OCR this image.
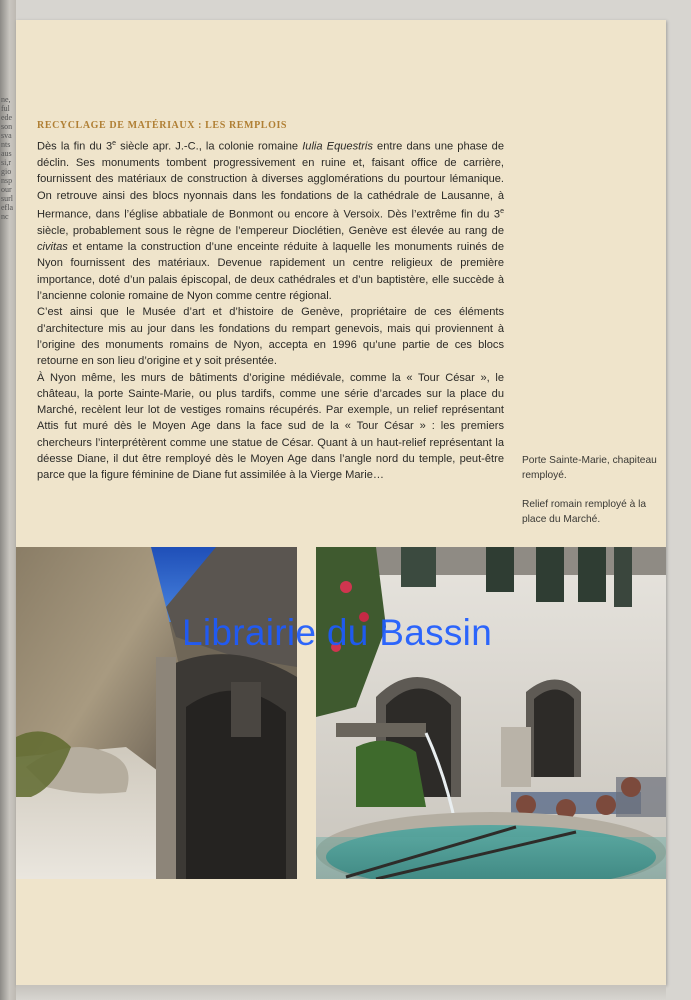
ne,fuledesonsvantsaussi,rgionspoursurleflanc
RECYCLAGE DE MATÉRIAUX : LES REMPLOIS

Dès la fin du 3e siècle apr. J.-C., la colonie romaine Iulia Equestris entre dans une phase de déclin. Ses monuments tombent progressivement en ruine et, faisant office de carrière, fournissent des matériaux de construction à diverses agglomérations du pourtour lémanique. On retrouve ainsi des blocs nyonnais dans les fondations de la cathédrale de Lausanne, à Hermance, dans l’église abbatiale de Bonmont ou encore à Versoix. Dès l’extrême fin du 3e siècle, probablement sous le règne de l’empereur Dioclétien, Genève est élevée au rang de civitas et entame la construction d’une enceinte réduite à laquelle les monuments ruinés de Nyon fournissent des matériaux. Devenue rapidement un centre religieux de première importance, doté d’un palais épiscopal, de deux cathédrales et d’un baptistère, elle succède à l’ancienne colonie romaine de Nyon comme centre régional.

C’est ainsi que le Musée d’art et d’histoire de Genève, propriétaire de ces éléments d’architecture mis au jour dans les fondations du rempart genevois, mais qui proviennent à l’origine des monuments romains de Nyon, accepta en 1996 qu’une partie de ces blocs retourne en son lieu d’origine et y soit présentée.

À Nyon même, les murs de bâtiments d’origine médiévale, comme la « Tour César », le château, la porte Sainte-Marie, ou plus tardifs, comme une série d’arcades sur la place du Marché, recèlent leur lot de vestiges romains récupérés. Par exemple, un relief représentant Attis fut muré dès le Moyen Age dans la face sud de la « Tour César » : les premiers chercheurs l’interprétèrent comme une statue de César. Quant à un haut-relief représentant la déesse Diane, il dut être remployé dès le Moyen Age dans l’angle nord du temple, peut-être parce que la figure féminine de Diane fut assimilée à la Vierge Marie…

Porte Sainte-Marie, chapiteau remployé.

Relief romain remployé à la place du Marché.

Librairie du Bassin
